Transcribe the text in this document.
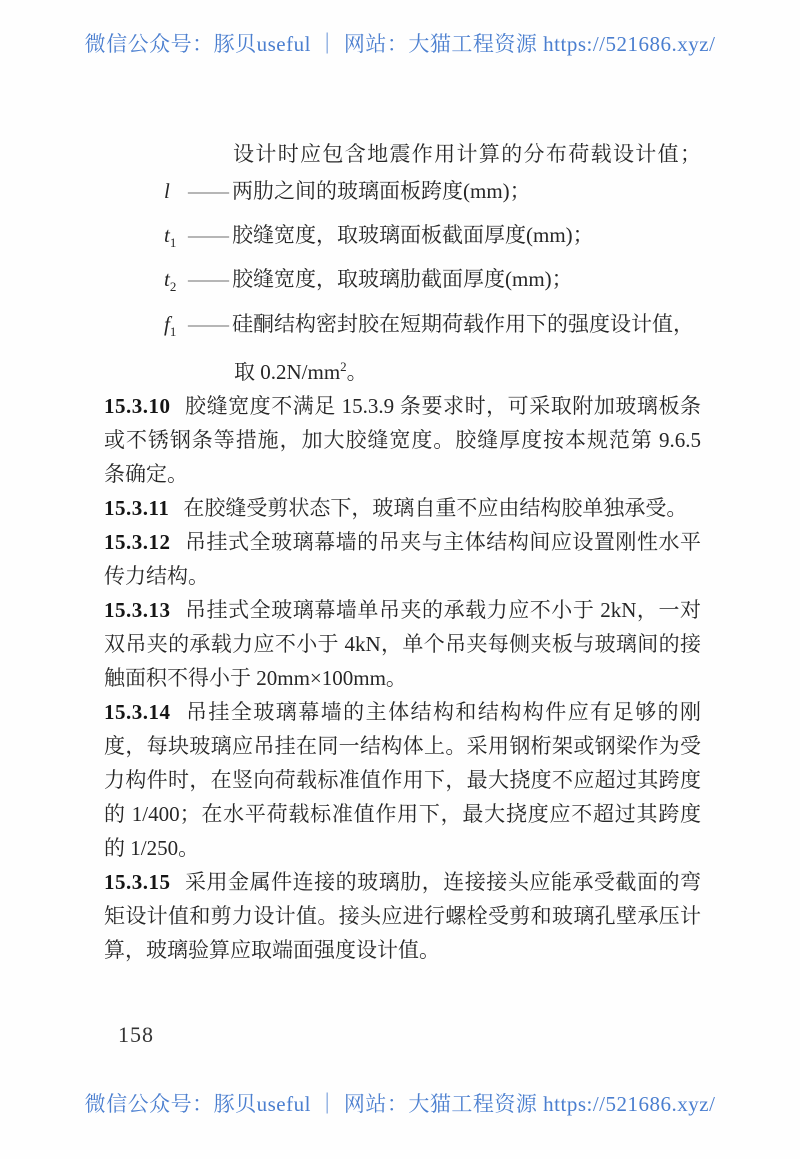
微信公众号：豚贝useful ｜ 网站：大猫工程资源 https://521686.xyz/

设计时应包含地震作用计算的分布荷载设计值；

l —— 两肋之间的玻璃面板跨度(mm)；
$t_1$ —— 胶缝宽度，取玻璃面板截面厚度(mm)；
$t_2$ —— 胶缝宽度，取玻璃肋截面厚度(mm)；
$f_1$ —— 硅酮结构密封胶在短期荷载作用下的强度设计值，

取 $0.2N/mm^2$。

15.3.10 胶缝宽度不满足 15.3.9 条要求时，可采取附加玻璃板条或不锈钢条等措施，加大胶缝宽度。胶缝厚度按本规范第 9.6.5 条确定。

15.3.11 在胶缝受剪状态下，玻璃自重不应由结构胶单独承受。

15.3.12 吊挂式全玻璃幕墙的吊夹与主体结构间应设置刚性水平传力结构。

15.3.13 吊挂式全玻璃幕墙单吊夹的承载力应不小于 2kN，一对双吊夹的承载力应不小于 4kN，单个吊夹每侧夹板与玻璃间的接触面积不得小于 20mm×100mm。

15.3.14 吊挂全玻璃幕墙的主体结构和结构构件应有足够的刚度，每块玻璃应吊挂在同一结构体上。采用钢桁架或钢梁作为受力构件时，在竖向荷载标准值作用下，最大挠度不应超过其跨度的 1/400；在水平荷载标准值作用下，最大挠度应不超过其跨度的 1/250。

15.3.15 采用金属件连接的玻璃肋，连接接头应能承受截面的弯矩设计值和剪力设计值。接头应进行螺栓受剪和玻璃孔壁承压计算，玻璃验算应取端面强度设计值。

158
微信公众号：豚贝useful ｜ 网站：大猫工程资源 https://521686.xyz/
